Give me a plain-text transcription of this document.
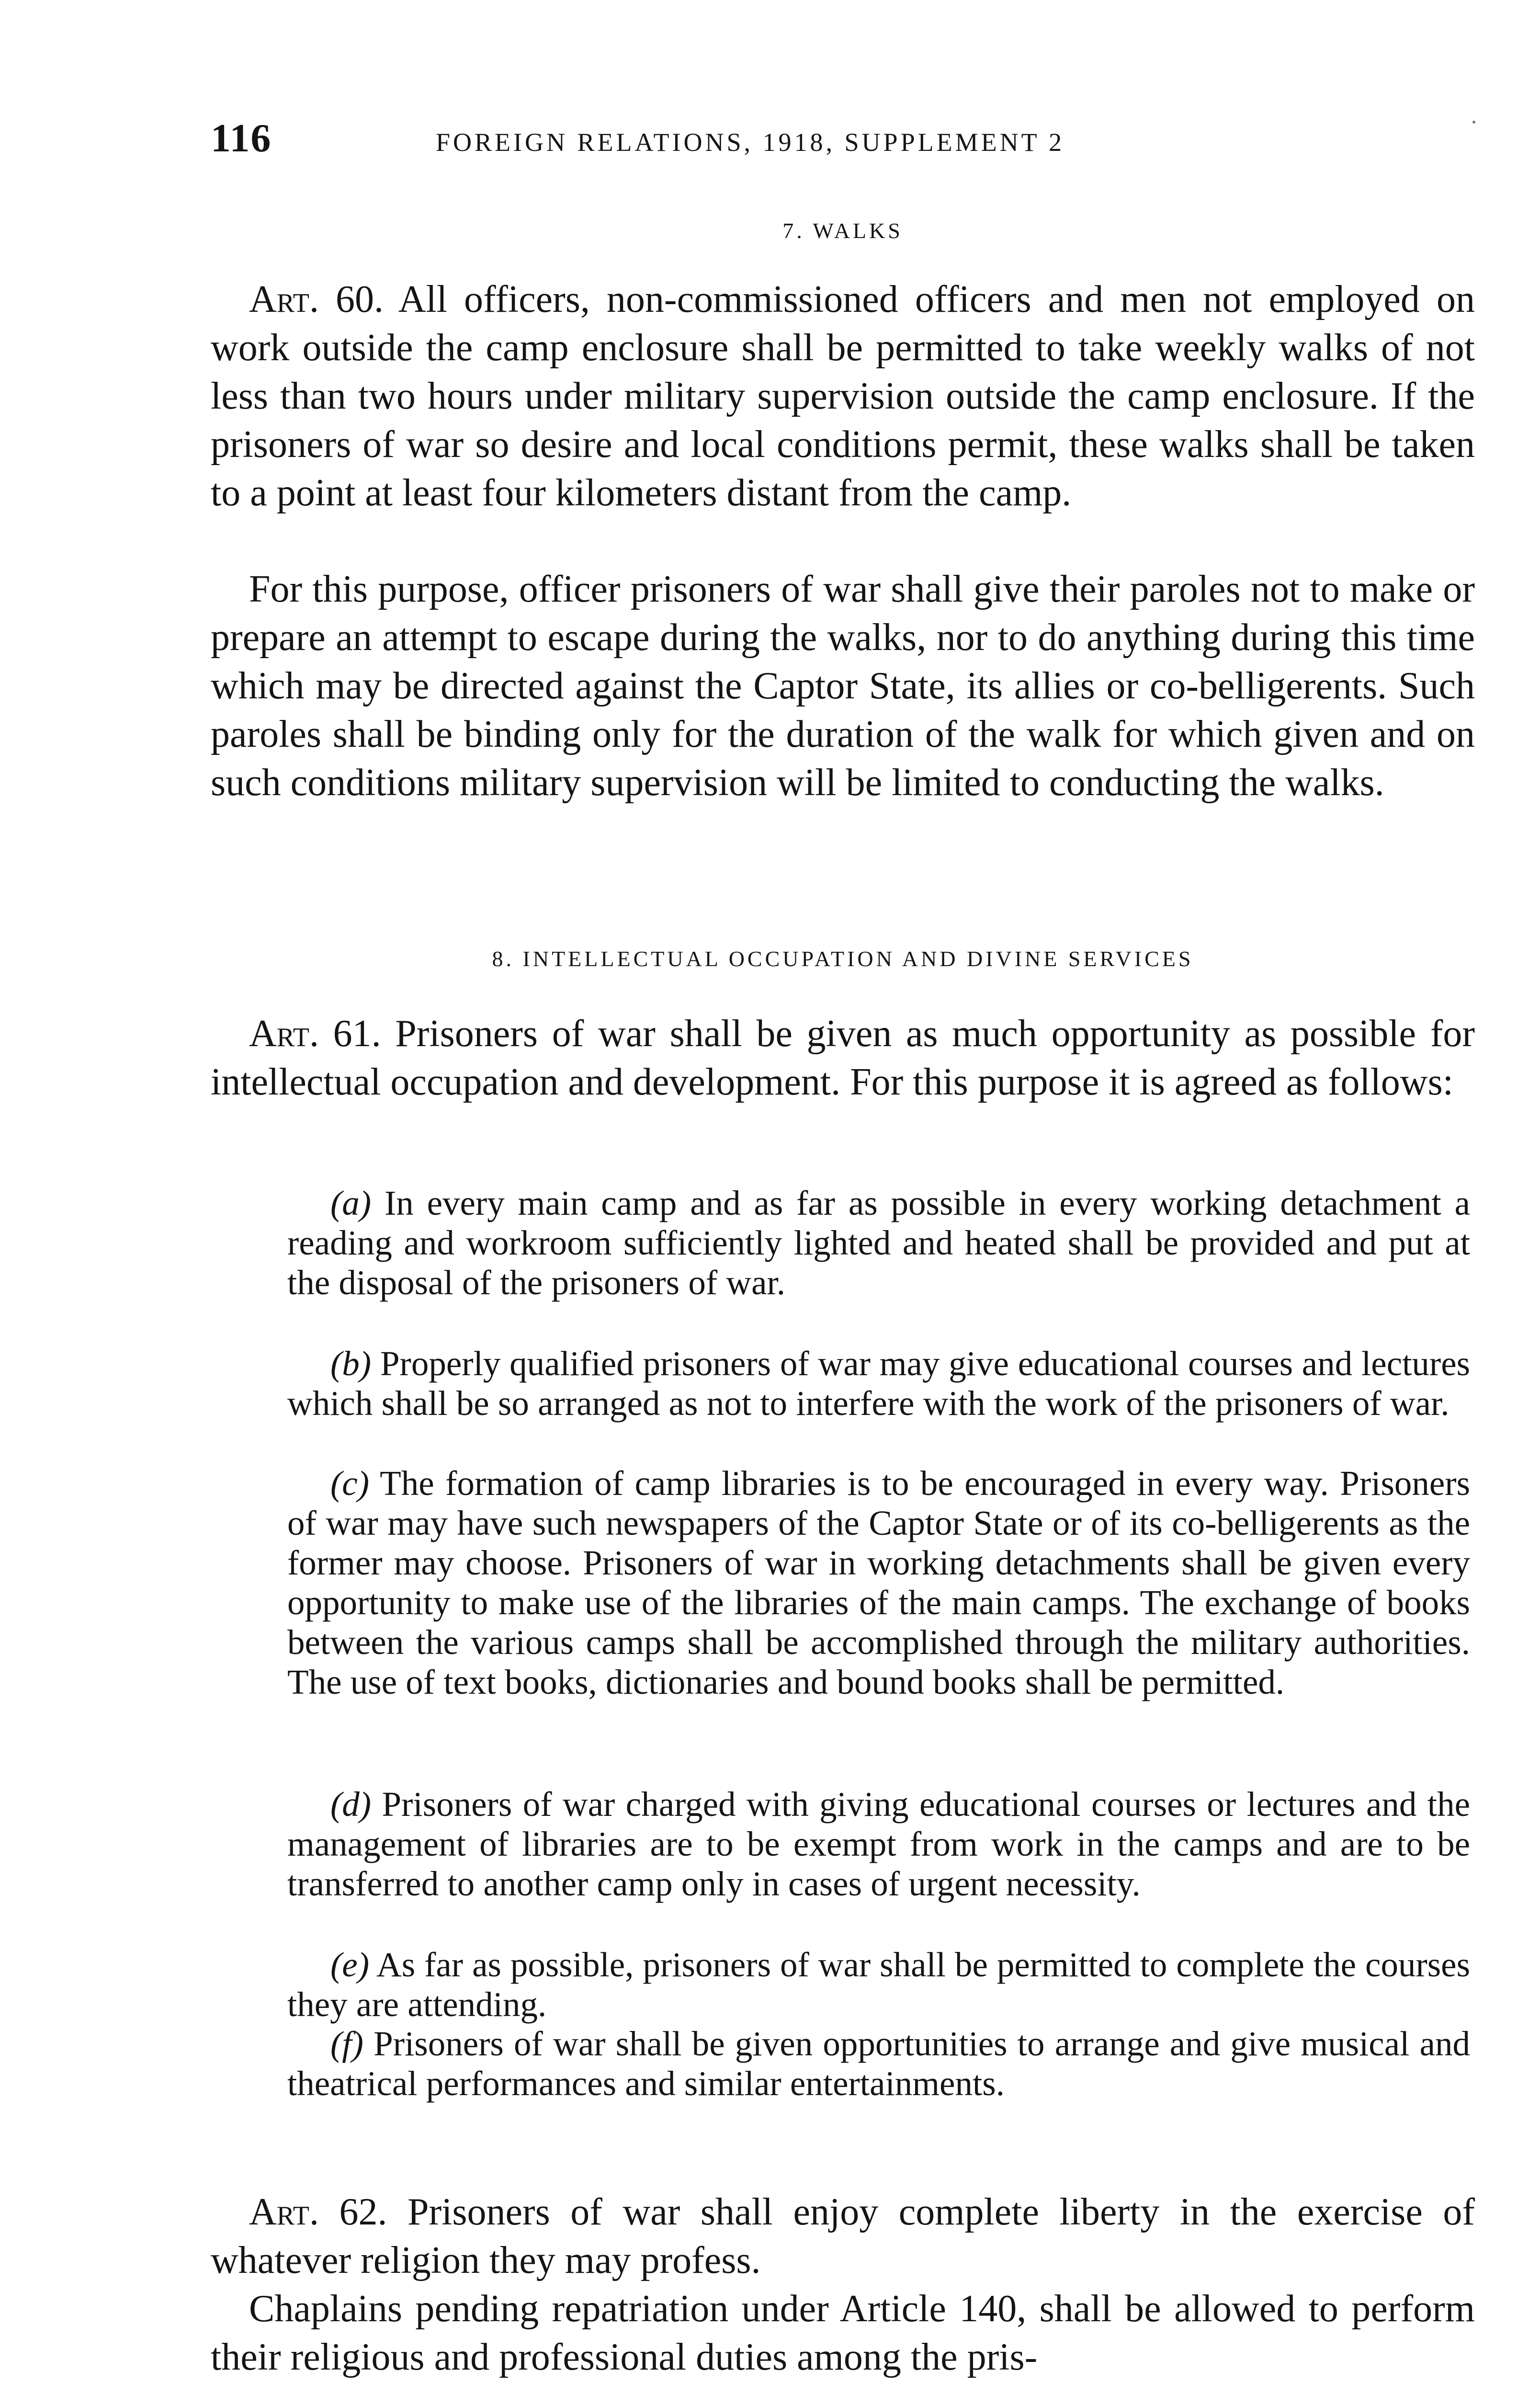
116	FOREIGN RELATIONS, 1918, SUPPLEMENT 2
7. WALKS

Art. 60. All officers, non-commissioned officers and men not employed on work outside the camp enclosure shall be permitted to take weekly walks of not less than two hours under military supervision outside the camp enclosure. If the prisoners of war so desire and local conditions permit, these walks shall be taken to a point at least four kilometers distant from the camp.

For this purpose, officer prisoners of war shall give their paroles not to make or prepare an attempt to escape during the walks, nor to do anything during this time which may be directed against the Captor State, its allies or co-belligerents. Such paroles shall be binding only for the duration of the walk for which given and on such conditions military supervision will be limited to conducting the walks.

8. INTELLECTUAL OCCUPATION AND DIVINE SERVICES

Art. 61. Prisoners of war shall be given as much opportunity as possible for intellectual occupation and development. For this purpose it is agreed as follows:

(a) In every main camp and as far as possible in every working detachment a reading and workroom sufficiently lighted and heated shall be provided and put at the disposal of the prisoners of war.

(b) Properly qualified prisoners of war may give educational courses and lectures which shall be so arranged as not to interfere with the work of the prisoners of war.

(c) The formation of camp libraries is to be encouraged in every way. Prisoners of war may have such newspapers of the Captor State or of its co-belligerents as the former may choose. Prisoners of war in working detachments shall be given every opportunity to make use of the libraries of the main camps. The exchange of books between the various camps shall be accomplished through the military authorities. The use of text books, dictionaries and bound books shall be permitted.

(d) Prisoners of war charged with giving educational courses or lectures and the management of libraries are to be exempt from work in the camps and are to be transferred to another camp only in cases of urgent necessity.

(e) As far as possible, prisoners of war shall be permitted to complete the courses they are attending.

(f) Prisoners of war shall be given opportunities to arrange and give musical and theatrical performances and similar entertainments.

Art. 62. Prisoners of war shall enjoy complete liberty in the exercise of whatever religion they may profess.

Chaplains pending repatriation under Article 140, shall be allowed to perform their religious and professional duties among the pris-
